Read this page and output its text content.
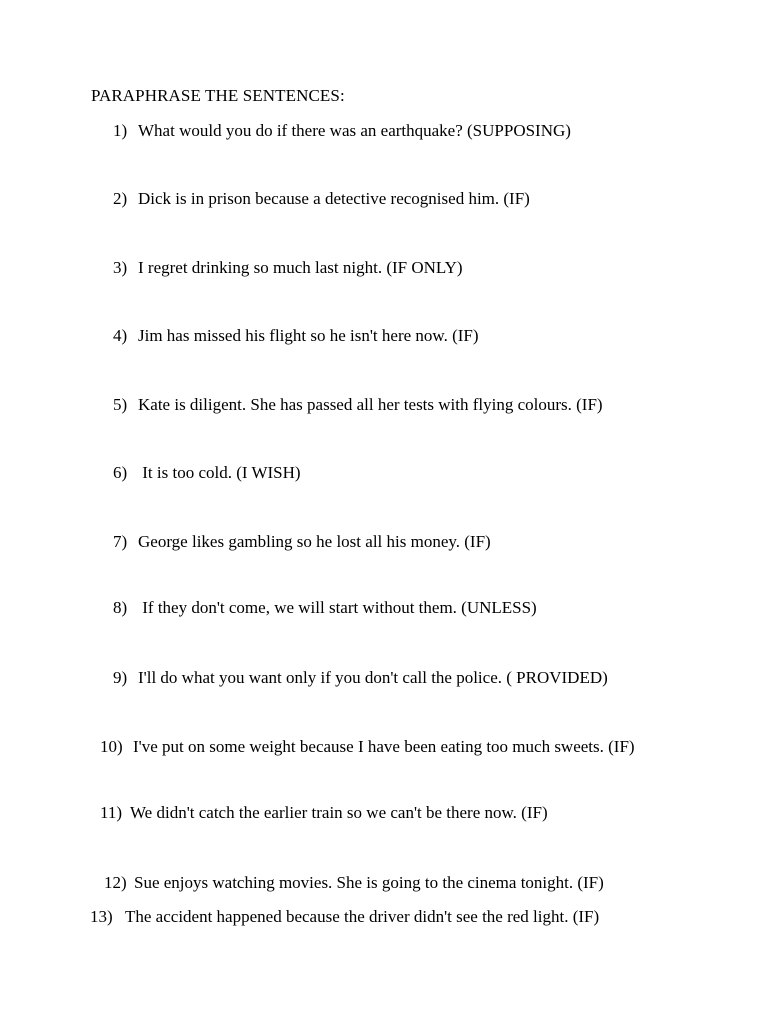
PARAPHRASE THE SENTENCES:
1) What would you do if there was an earthquake? (SUPPOSING)
2) Dick is in prison because a detective recognised him. (IF)
3) I regret drinking so much last night. (IF ONLY)
4) Jim has missed his flight so he isn't here now. (IF)
5) Kate is diligent. She has passed all her tests with flying colours. (IF)
6) It is too cold. (I WISH)
7) George likes gambling so he lost all his money. (IF)
8) If they don't come, we will start without them. (UNLESS)
9) I'll do what you want only if you don't call the police. ( PROVIDED)
10) I've put on some weight because I have been eating too much sweets. (IF)
11) We didn't catch the earlier train so we can't be there now. (IF)
12) Sue enjoys watching movies. She is going to the cinema tonight. (IF)
13) The accident happened because the driver didn't see the red light. (IF)
